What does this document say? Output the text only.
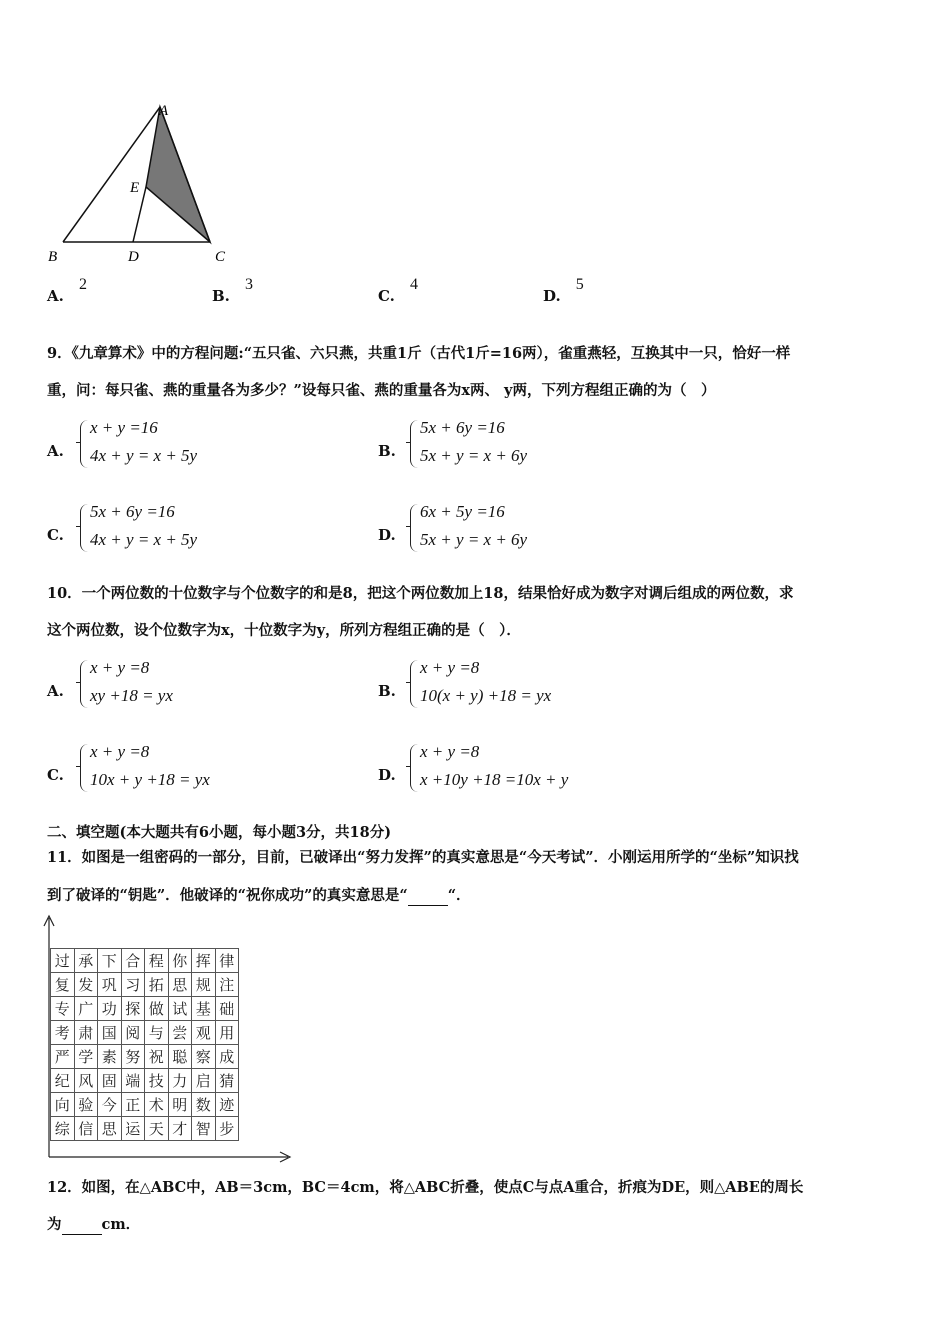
A
E
B	D	C
A. 2
B. 3
C. 4
D. 5
9．《九章算术》中的方程问题:“五只雀、六只燕，共重1斤（古代1斤=16两），雀重燕轻，互换其中一只，恰好一样
重，问：每只雀、燕的重量各为多少？”设每只雀、燕的重量各为x两、 y两，下列方程组正确的为（　）
A.
x + y =16
4x + y = x + 5y	B.
5x + 6y =16
5x + y = x + 6y
C.
5x + 6y =16
4x + y = x + 5y	D.
6x + 5y =16
5x + y = x + 6y
10．一个两位数的十位数字与个位数字的和是8，把这个两位数加上18，结果恰好成为数字对调后组成的两位数，求
这个两位数，设个位数字为x，十位数字为y，所列方程组正确的是（　）．
A.
x + y =8
xy +18 = yx	B.
x + y =8
10(x + y) +18 = yx
C.
x + y =8
10x + y +18 = yx	D.
x + y =8
x +10y +18 =10x + y
二、填空题(本大题共有6小题，每小题3分，共18分)
11．如图是一组密码的一部分，目前，已破译出“努力发挥”的真实意思是“今天考试”．小刚运用所学的“坐标”知识找
到了破译的“钥匙”．他破译的“祝你成功”的真实意思是“	“．
过	承	下	合	程	你	挥	律
复	发	巩	习	拓	思	规	注
专	广	功	探	做	试	基	础
考	肃	国	阅	与	尝	观	用
严	学	素	努	祝	聪	察	成
纪	风	固	端	技	力	启	猜
向	验	今	正	术	明	数	迹
综	信	思	运	天	才	智	步
12．如图，在△ABC中，AB＝3cm，BC＝4cm，将△ABC折叠，使点C与点A重合，折痕为DE，则△ABE的周长
为	cm．
